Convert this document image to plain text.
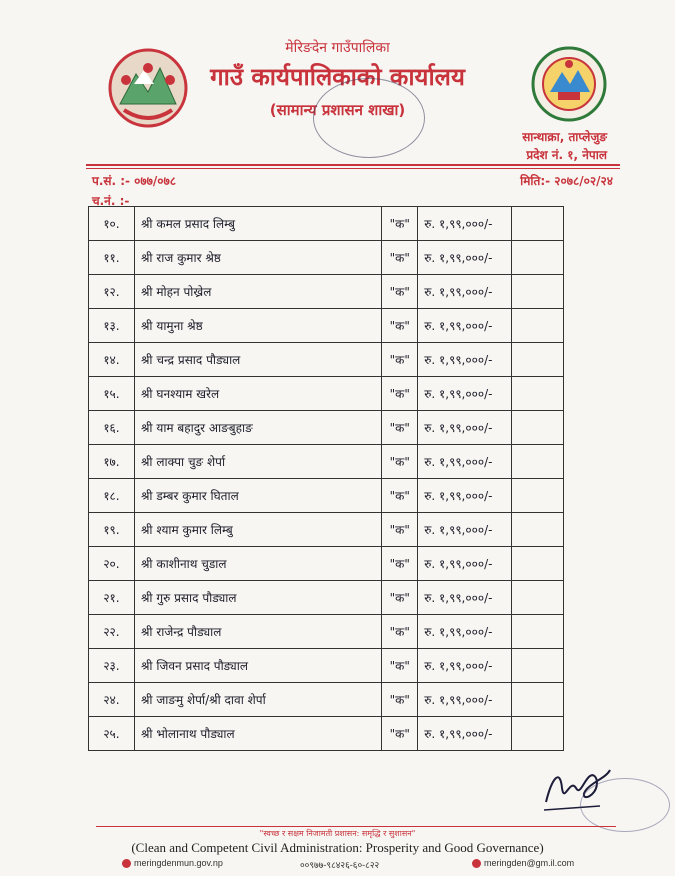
मेरिङदेन गाउँपालिका
गाउँ कार्यपालिकाको कार्यालय
(सामान्य प्रशासन शाखा)
सान्थाक्रा, ताप्लेजुङ
प्रदेश नं. १, नेपाल
प.सं. :- ०७७/०७८
च.नं. :-
मिति:- २०७८/०२/२४
१०.	श्री कमल प्रसाद लिम्बु	"क"	रु. १,९९,०००/-	
११.	श्री राज कुमार श्रेष्ठ	"क"	रु. १,९९,०००/-	
१२.	श्री मोहन पोख्रेल	"क"	रु. १,९९,०००/-	
१३.	श्री यामुना श्रेष्ठ	"क"	रु. १,९९,०००/-	
१४.	श्री चन्द्र प्रसाद पौड्याल	"क"	रु. १,९९,०००/-	
१५.	श्री घनश्याम खरेल	"क"	रु. १,९९,०००/-	
१६.	श्री याम बहादुर आङबुहाङ	"क"	रु. १,९९,०००/-	
१७.	श्री लाक्पा चुङ शेर्पा	"क"	रु. १,९९,०००/-	
१८.	श्री डम्बर कुमार घिताल	"क"	रु. १,९९,०००/-	
१९.	श्री श्याम कुमार लिम्बु	"क"	रु. १,९९,०००/-	
२०.	श्री काशीनाथ चुडाल	"क"	रु. १,९९,०००/-	
२१.	श्री गुरु प्रसाद पौड्याल	"क"	रु. १,९९,०००/-	
२२.	श्री राजेन्द्र पौड्याल	"क"	रु. १,९९,०००/-	
२३.	श्री जिवन प्रसाद पौड्याल	"क"	रु. १,९९,०००/-	
२४.	श्री जाङमु शेर्पा/श्री दावा शेर्पा	"क"	रु. १,९९,०००/-	
२५.	श्री भोलानाथ पौड्याल	"क"	रु. १,९९,०००/-	
"स्वच्छ र सक्षम निजामती प्रशासन: समृद्धि र सुशासन"
(Clean and Competent Civil Administration: Prosperity and Good Governance)
meringdenmun.gov.np	००९७७-९८४२६-६०-८२२	meringden@gm.il.com
